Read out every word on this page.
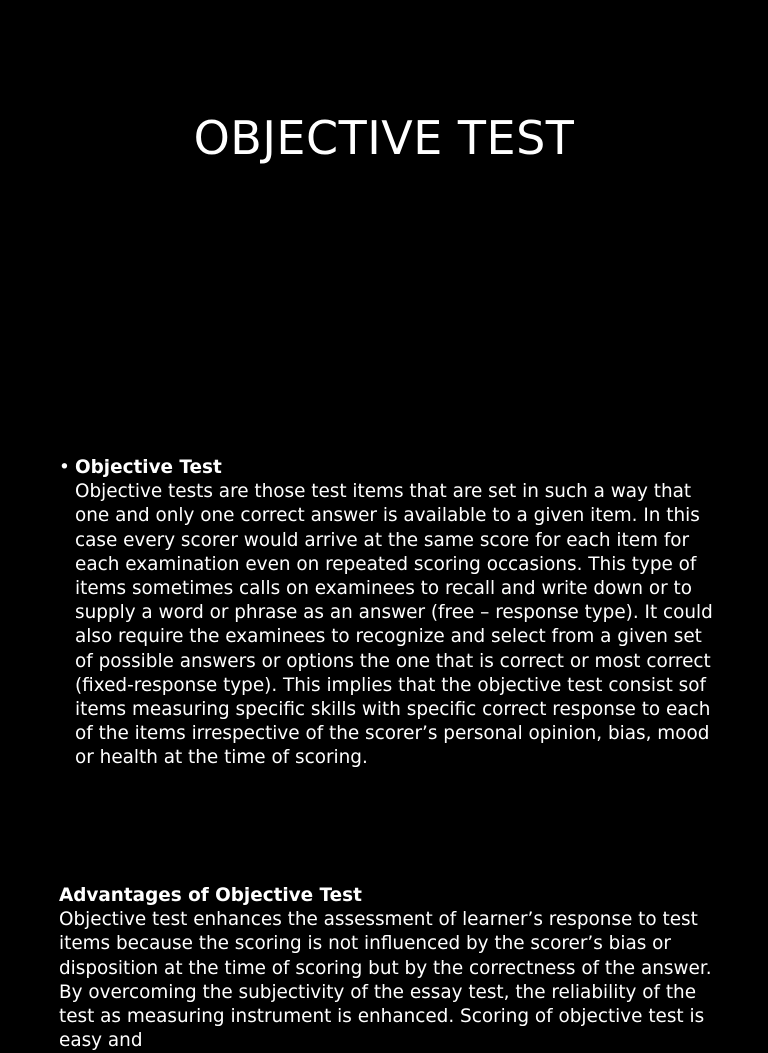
OBJECTIVE TEST
• Objective Test
Objective tests are those test items that are set in such a way that one and only one correct answer is available to a given item. In this case every scorer would arrive at the same score for each item for each examination even on repeated scoring occasions. This type of items sometimes calls on examinees to recall and write down or to supply a word or phrase as an answer (free – response type). It could also require the examinees to recognize and select from a given set of possible answers or options the one that is correct or most correct (fixed-response type). This implies that the objective test consist sof items measuring specific skills with specific correct response to each of the items irrespective of the scorer’s personal opinion, bias, mood or health at the time of scoring.
Advantages of Objective Test
Objective test enhances the assessment of learner’s response to test items because the scoring is not influenced by the scorer’s bias or disposition at the time of scoring but by the correctness of the answer. By overcoming the subjectivity of the essay test, the reliability of the test as measuring instrument is enhanced. Scoring of objective test is easy and
